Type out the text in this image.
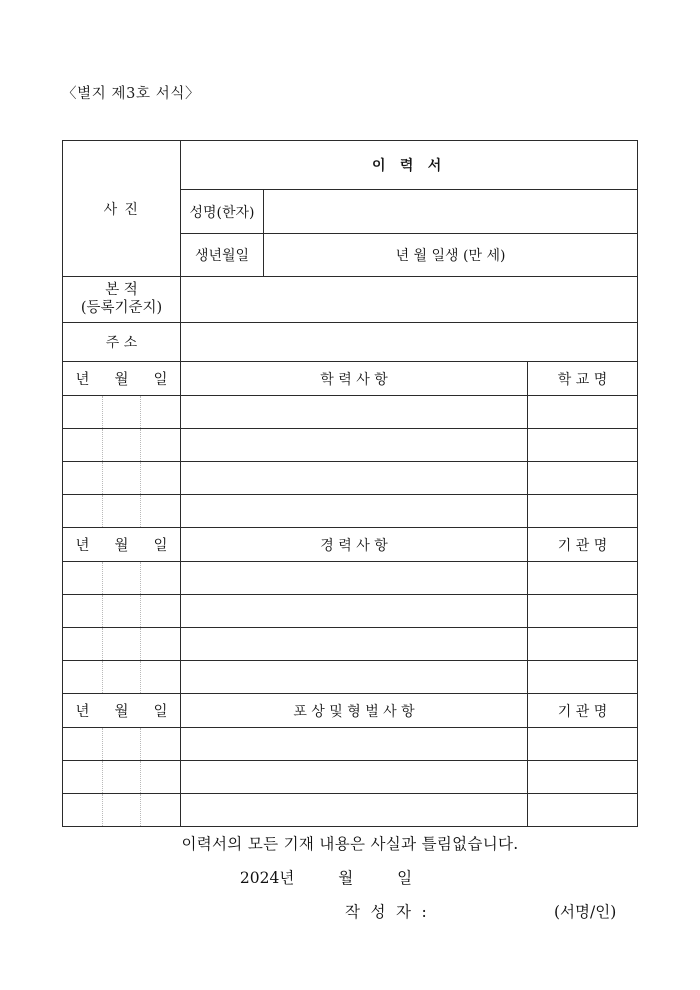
〈별지 제3호 서식〉
사 진	이 력 서		
	성명(한자)		
	생년월일	년 월 일생 (만 세)	

본 적
(등록기준지)			

주 소			

년 월 일	학 력 사 항		학 교 명

년 월 일	경 력 사 항		기 관 명

년 월 일	포 상 및 형 벌 사 항		기 관 명

이력서의 모든 기재 내용은 사실과 틀림없습니다.
2024년	월	일
작 성 자 :	(서명/인)
